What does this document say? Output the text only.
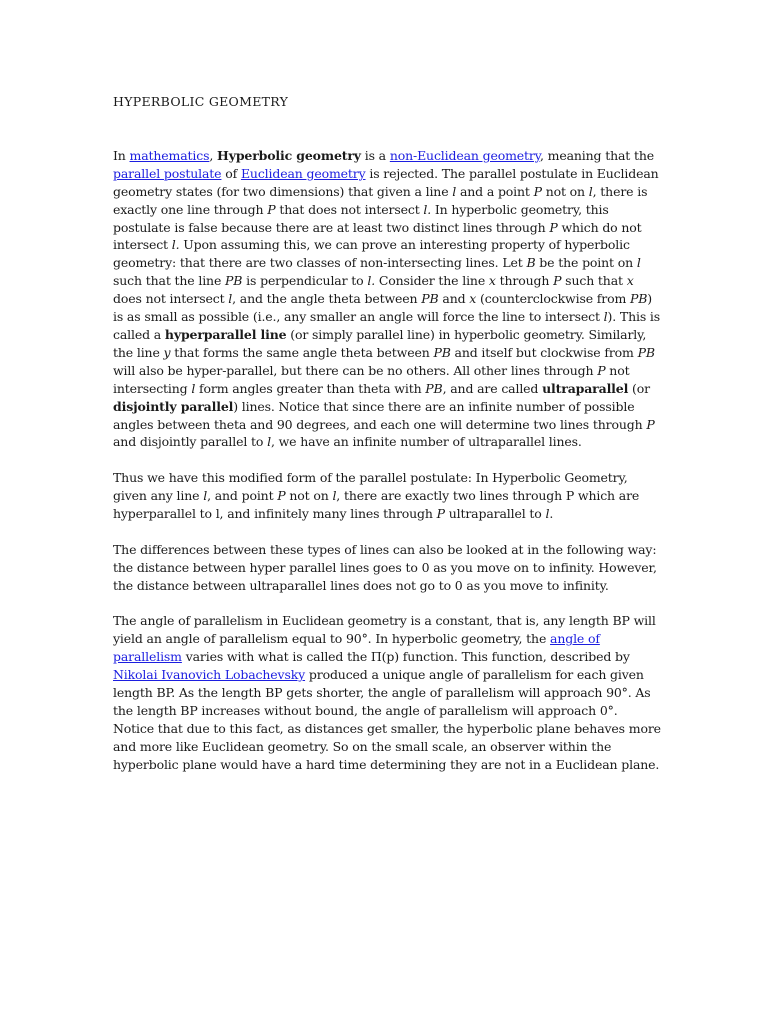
HYPERBOLIC GEOMETRY

In mathematics, Hyperbolic geometry is a non-Euclidean geometry, meaning that the parallel postulate of Euclidean geometry is rejected. The parallel postulate in Euclidean geometry states (for two dimensions) that given a line l and a point P not on l, there is exactly one line through P that does not intersect l. In hyperbolic geometry, this postulate is false because there are at least two distinct lines through P which do not intersect l. Upon assuming this, we can prove an interesting property of hyperbolic geometry: that there are two classes of non-intersecting lines. Let B be the point on l such that the line PB is perpendicular to l. Consider the line x through P such that x does not intersect l, and the angle theta between PB and x (counterclockwise from PB) is as small as possible (i.e., any smaller an angle will force the line to intersect l). This is called a hyperparallel line (or simply parallel line) in hyperbolic geometry. Similarly, the line y that forms the same angle theta between PB and itself but clockwise from PB will also be hyper-parallel, but there can be no others. All other lines through P not intersecting l form angles greater than theta with PB, and are called ultraparallel (or disjointly parallel) lines. Notice that since there are an infinite number of possible angles between theta and 90 degrees, and each one will determine two lines through P and disjointly parallel to l, we have an infinite number of ultraparallel lines.

Thus we have this modified form of the parallel postulate: In Hyperbolic Geometry, given any line l, and point P not on l, there are exactly two lines through P which are hyperparallel to l, and infinitely many lines through P ultraparallel to l.

The differences between these types of lines can also be looked at in the following way: the distance between hyper parallel lines goes to 0 as you move on to infinity. However, the distance between ultraparallel lines does not go to 0 as you move to infinity.

The angle of parallelism in Euclidean geometry is a constant, that is, any length BP will yield an angle of parallelism equal to 90°. In hyperbolic geometry, the angle of parallelism varies with what is called the Π(p) function. This function, described by Nikolai Ivanovich Lobachevsky produced a unique angle of parallelism for each given length BP. As the length BP gets shorter, the angle of parallelism will approach 90°. As the length BP increases without bound, the angle of parallelism will approach 0°. Notice that due to this fact, as distances get smaller, the hyperbolic plane behaves more and more like Euclidean geometry. So on the small scale, an observer within the hyperbolic plane would have a hard time determining they are not in a Euclidean plane.
